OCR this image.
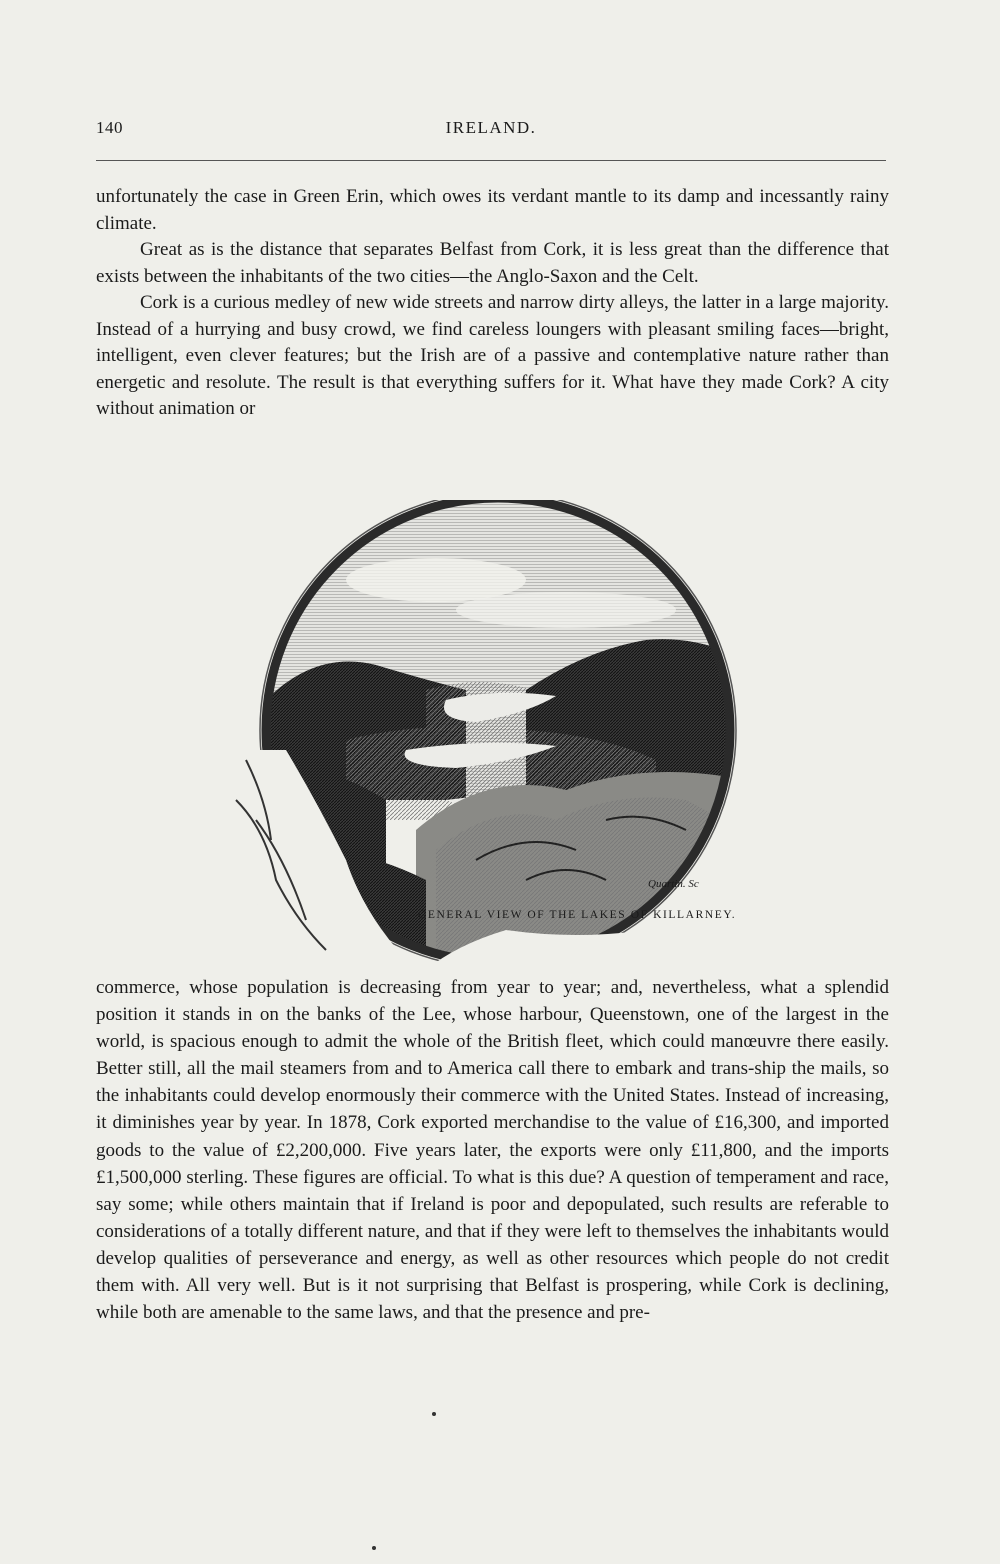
140	IRELAND.

unfortunately the case in Green Erin, which owes its verdant mantle to its damp and incessantly rainy climate.

Great as is the distance that separates Belfast from Cork, it is less great than the difference that exists between the inhabitants of the two cities—the Anglo-Saxon and the Celt.

Cork is a curious medley of new wide streets and narrow dirty alleys, the latter in a large majority. Instead of a hurrying and busy crowd, we find careless loungers with pleasant smiling faces—bright, intelligent, even clever features; but the Irish are of a passive and contemplative nature rather than energetic and resolute. The result is that everything suffers for it. What have they made Cork? A city without animation or

Quartin. Sc
GENERAL VIEW OF THE LAKES OF KILLARNEY.

commerce, whose population is decreasing from year to year; and, nevertheless, what a splendid position it stands in on the banks of the Lee, whose harbour, Queenstown, one of the largest in the world, is spacious enough to admit the whole of the British fleet, which could manœuvre there easily. Better still, all the mail steamers from and to America call there to embark and trans-ship the mails, so the inhabitants could develop enormously their commerce with the United States. Instead of increasing, it diminishes year by year. In 1878, Cork exported merchandise to the value of £16,300, and imported goods to the value of £2,200,000. Five years later, the exports were only £11,800, and the imports £1,500,000 sterling. These figures are official. To what is this due? A question of temperament and race, say some; while others maintain that if Ireland is poor and depopulated, such results are referable to considerations of a totally different nature, and that if they were left to themselves the inhabitants would develop qualities of perseverance and energy, as well as other resources which people do not credit them with. All very well. But is it not surprising that Belfast is prospering, while Cork is declining, while both are amenable to the same laws, and that the presence and pre-
